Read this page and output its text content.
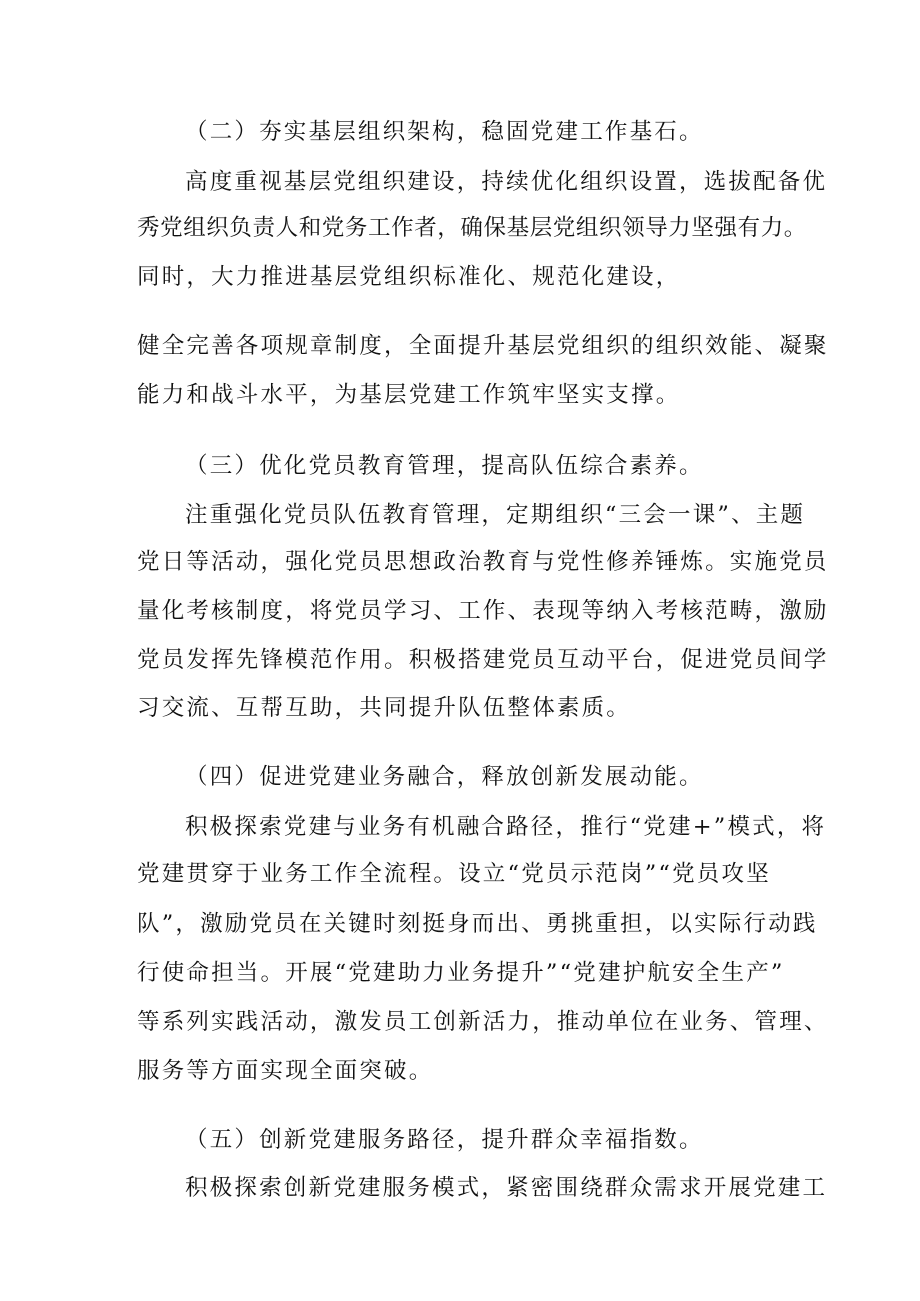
（二）夯实基层组织架构，稳固党建工作基石。
高度重视基层党组织建设，持续优化组织设置，选拔配备优
秀党组织负责人和党务工作者，确保基层党组织领导力坚强有力。
同时，大力推进基层党组织标准化、规范化建设，
健全完善各项规章制度，全面提升基层党组织的组织效能、凝聚
能力和战斗水平，为基层党建工作筑牢坚实支撑。
（三）优化党员教育管理，提高队伍综合素养。
注重强化党员队伍教育管理，定期组织“三会一课”、主题
党日等活动，强化党员思想政治教育与党性修养锤炼。实施党员
量化考核制度，将党员学习、工作、表现等纳入考核范畴，激励
党员发挥先锋模范作用。积极搭建党员互动平台，促进党员间学
习交流、互帮互助，共同提升队伍整体素质。
（四）促进党建业务融合，释放创新发展动能。
积极探索党建与业务有机融合路径，推行“党建+”模式，将
党建贯穿于业务工作全流程。设立“党员示范岗”“党员攻坚
队”，激励党员在关键时刻挺身而出、勇挑重担，以实际行动践
行使命担当。开展“党建助力业务提升”“党建护航安全生产”
等系列实践活动，激发员工创新活力，推动单位在业务、管理、
服务等方面实现全面突破。
（五）创新党建服务路径，提升群众幸福指数。
积极探索创新党建服务模式，紧密围绕群众需求开展党建工
